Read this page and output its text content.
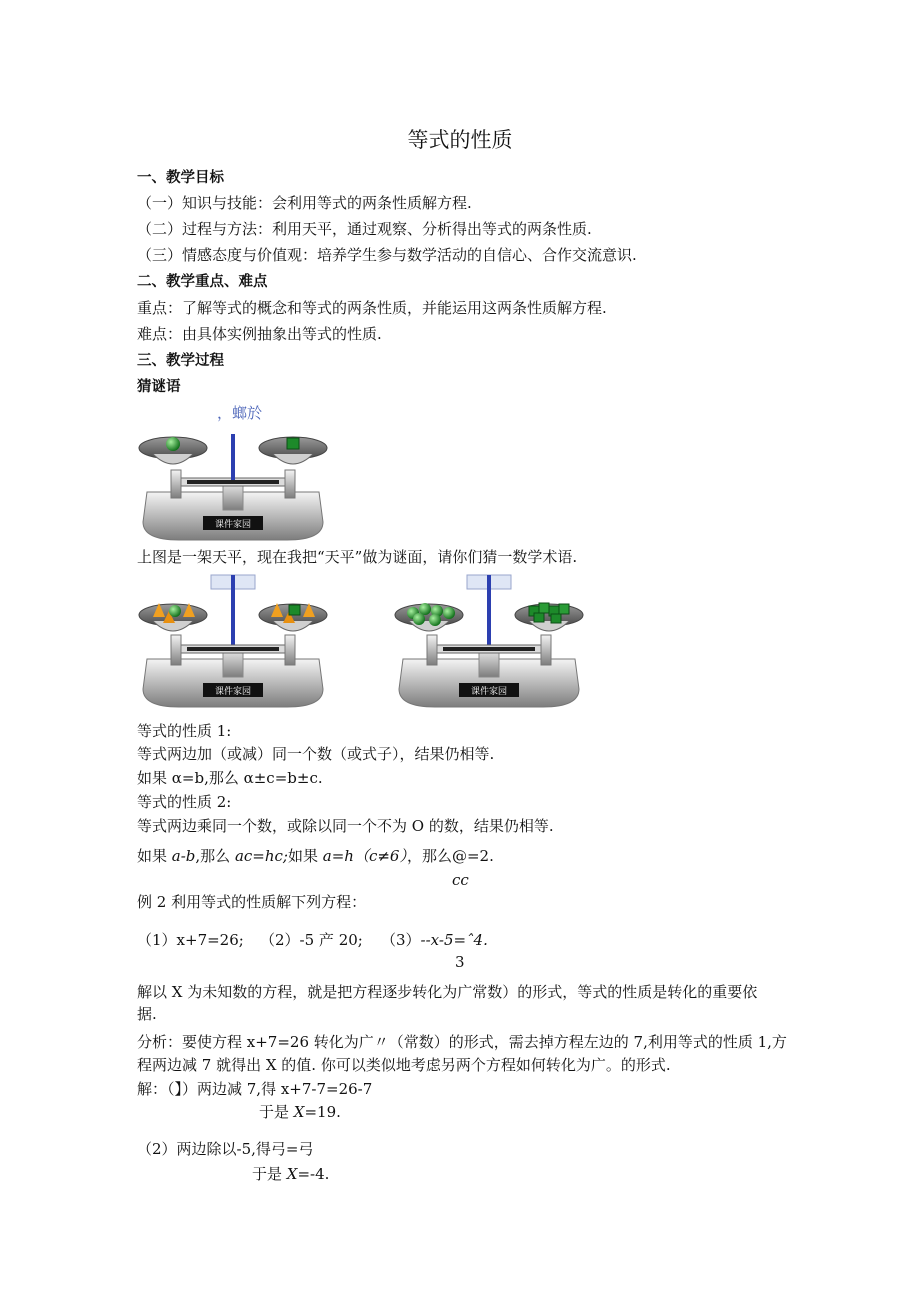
等式的性质
一、教学目标
（一）知识与技能：会利用等式的两条性质解方程.
（二）过程与方法：利用天平，通过观察、分析得出等式的两条性质.
（三）情感态度与价值观：培养学生参与数学活动的自信心、合作交流意识.
二、教学重点、难点
重点：了解等式的概念和等式的两条性质，并能运用这两条性质解方程.
难点：由具体实例抽象出等式的性质.
三、教学过程
猜谜语
，螂於
课件家园
上图是一架天平，现在我把“天平”做为谜面，请你们猜一数学术语.
课件家园	课件家园
等式的性质 1:
等式两边加（或减）同一个数（或式子），结果仍相等.
如果 α=b,那么 α±c=b±c.
等式的性质 2:
等式两边乘同一个数，或除以同一个不为 O 的数，结果仍相等.
如果 a-b,那么 ac=hc;如果 a=h（c≠6），那么@=2.
cc
例 2 利用等式的性质解下列方程：
（1）x+7=26; （2）-5 产 20; （3）--x-5=ˆ4.
3
解以 X 为未知数的方程，就是把方程逐步转化为广常数）的形式，等式的性质是转化的重要依
据.
分析：要使方程 x+7=26 转化为广〃（常数）的形式，需去掉方程左边的 7,利用等式的性质 1,方
程两边减 7 就得出 X 的值. 你可以类似地考虑另两个方程如何转化为广。的形式.
解：（】）两边减 7,得 x+7-7=26-7
于是 X=19.
（2）两边除以-5,得弓=弓
于是 X=-4.
